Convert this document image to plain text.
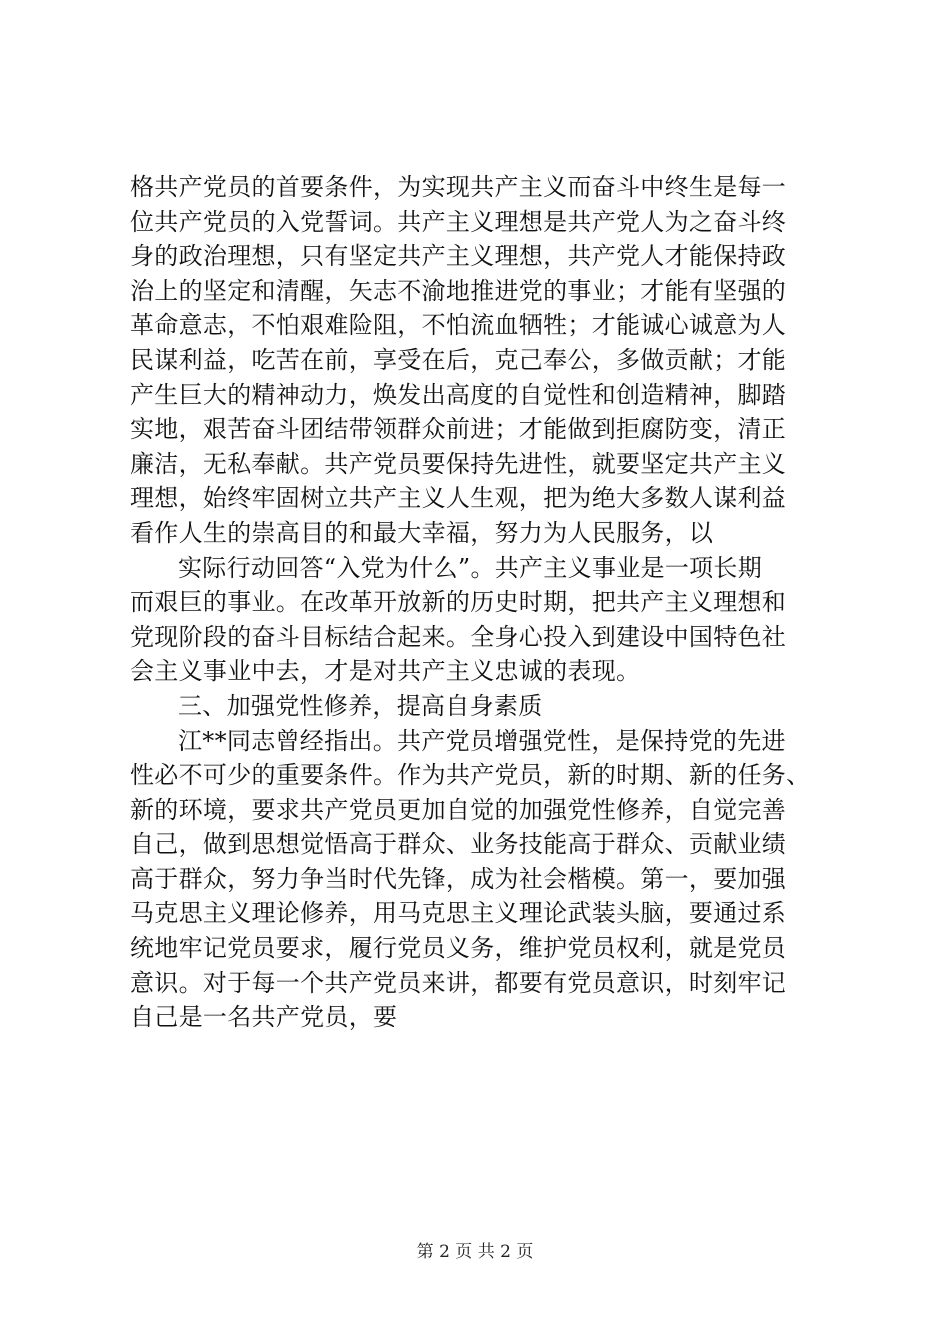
格共产党员的首要条件，为实现共产主义而奋斗中终生是每一
位共产党员的入党誓词。共产主义理想是共产党人为之奋斗终
身的政治理想，只有坚定共产主义理想，共产党人才能保持政
治上的坚定和清醒，矢志不渝地推进党的事业；才能有坚强的
革命意志，不怕艰难险阻，不怕流血牺牲；才能诚心诚意为人
民谋利益，吃苦在前，享受在后，克己奉公，多做贡献；才能
产生巨大的精神动力，焕发出高度的自觉性和创造精神，脚踏
实地，艰苦奋斗团结带领群众前进；才能做到拒腐防变，清正
廉洁，无私奉献。共产党员要保持先进性，就要坚定共产主义
理想，始终牢固树立共产主义人生观，把为绝大多数人谋利益
看作人生的崇高目的和最大幸福，努力为人民服务，以
实际行动回答“入党为什么”。共产主义事业是一项长期
而艰巨的事业。在改革开放新的历史时期，把共产主义理想和
党现阶段的奋斗目标结合起来。全身心投入到建设中国特色社
会主义事业中去，才是对共产主义忠诚的表现。
三、加强党性修养，提高自身素质
江**同志曾经指出。共产党员增强党性，是保持党的先进
性必不可少的重要条件。作为共产党员，新的时期、新的任务、
新的环境，要求共产党员更加自觉的加强党性修养，自觉完善
自己，做到思想觉悟高于群众、业务技能高于群众、贡献业绩
高于群众，努力争当时代先锋，成为社会楷模。第一，要加强
马克思主义理论修养，用马克思主义理论武装头脑，要通过系
统地牢记党员要求，履行党员义务，维护党员权利，就是党员
意识。对于每一个共产党员来讲，都要有党员意识，时刻牢记
自己是一名共产党员，要
第 2 页 共 2 页
